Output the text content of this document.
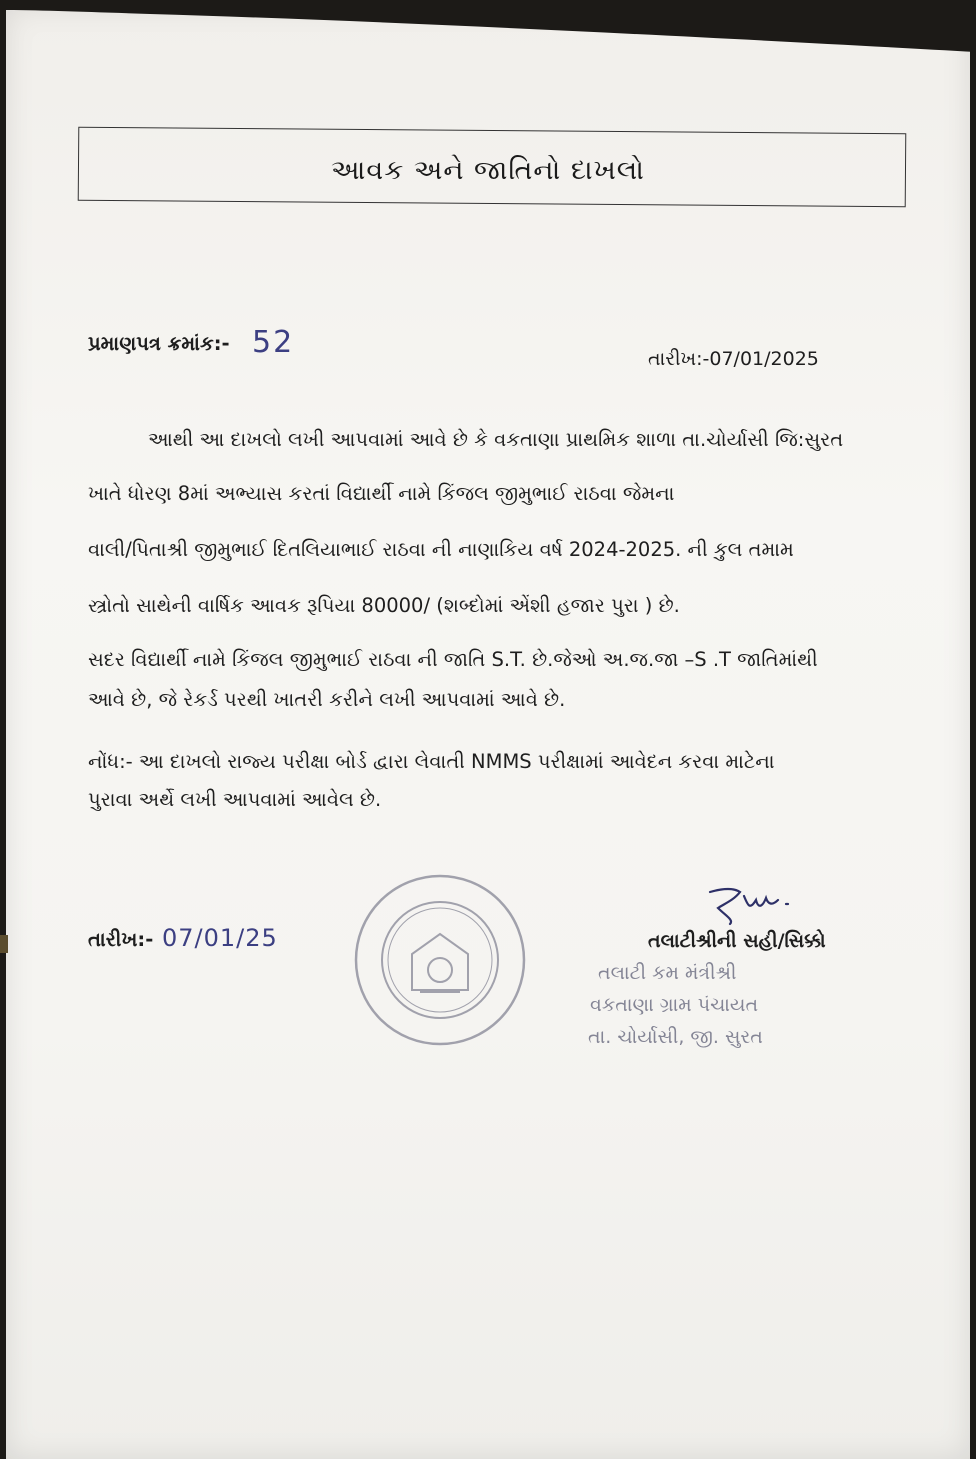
આવક અને જાતિનો દાખલો
પ્રમાણપત્ર ક્રમાંક:- 52	તારીખ:-07/01/2025
આથી આ દાખલો લખી આપવામાં આવે છે કે વકતાણા પ્રાથમિક શાળા તા.ચોર્યાસી જિ:સુરત
ખાતે ધોરણ 8માં અભ્યાસ કરતાં વિદ્યાર્થી નામે કિંજલ જીમુભાઈ રાઠવા જેમના
વાલી/પિતાશ્રી જીમુભાઈ દિતલિયાભાઈ રાઠવા ની નાણાકિય વર્ષ 2024-2025. ની કુલ તમામ
સ્ત્રોતો સાથેની વાર્ષિક આવક રૂપિયા 80000/ (શબ્દોમાં એંશી હજાર પુરા ) છે.
સદર વિદ્યાર્થી નામે કિંજલ જીમુભાઈ રાઠવા ની જાતિ S.T. છે.જેઓ અ.જ.જા –S .T જાતિમાંથી
આવે છે, જે રેકર્ડ પરથી ખાતરી કરીને લખી આપવામાં આવે છે.
નોંધ:- આ દાખલો રાજ્ય પરીક્ષા બોર્ડ દ્વારા લેવાતી NMMS પરીક્ષામાં આવેદન કરવા માટેના
પુરાવા અર્થે લખી આપવામાં આવેલ છે.
તારીખ:- 07/01/25	તલાટીશ્રીની સહી/સિક્કો
તલાટી કમ મંત્રીશ્રી
વકતાણા ગ્રામ પંચાયત
તા. ચોર્યાસી, જી. સુરત
